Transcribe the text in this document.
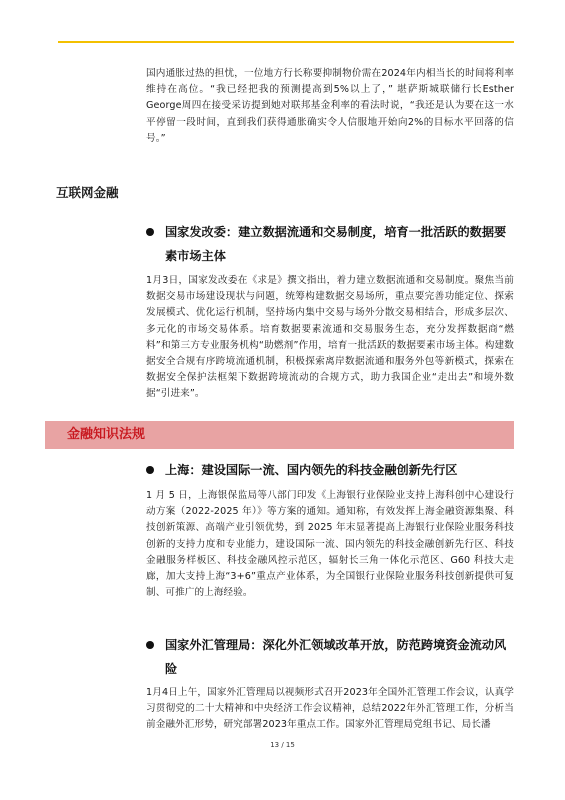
国内通胀过热的担忧，一位地方行长称要抑制物价需在2024年内相当长的时间将利率维持在高位。“我已经把我的预测提高到5%以上了，” 堪萨斯城联储行长Esther George周四在接受采访提到她对联邦基金利率的看法时说，“我还是认为要在这一水平停留一段时间，直到我们获得通胀确实令人信服地开始向2%的目标水平回落的信号。”

互联网金融
国家发改委：建立数据流通和交易制度，培育一批活跃的数据要素市场主体

1月3日，国家发改委在《求是》撰文指出，着力建立数据流通和交易制度。聚焦当前数据交易市场建设现状与问题，统筹构建数据交易场所，重点要完善功能定位、探索发展模式、优化运行机制，坚持场内集中交易与场外分散交易相结合，形成多层次、多元化的市场交易体系。培育数据要素流通和交易服务生态，充分发挥数据商“燃料”和第三方专业服务机构“助燃剂”作用，培育一批活跃的数据要素市场主体。构建数据安全合规有序跨境流通机制，积极探索离岸数据流通和服务外包等新模式，探索在数据安全保护法框架下数据跨境流动的合规方式，助力我国企业“走出去”和境外数据“引进来”。

金融知识法规
上海：建设国际一流、国内领先的科技金融创新先行区

1 月 5 日，上海银保监局等八部门印发《上海银行业保险业支持上海科创中心建设行动方案（2022-2025 年）》等方案的通知。通知称，有效发挥上海金融资源集聚、科技创新策源、高端产业引领优势，到 2025 年末显著提高上海银行业保险业服务科技创新的支持力度和专业能力，建设国际一流、国内领先的科技金融创新先行区、科技金融服务样板区、科技金融风控示范区，辐射长三角一体化示范区、G60 科技大走廊，加大支持上海“3+6”重点产业体系，为全国银行业保险业服务科技创新提供可复制、可推广的上海经验。

国家外汇管理局：深化外汇领域改革开放，防范跨境资金流动风险

1月4日上午，国家外汇管理局以视频形式召开2023年全国外汇管理工作会议，认真学习贯彻党的二十大精神和中央经济工作会议精神，总结2022年外汇管理工作，分析当前金融外汇形势，研究部署2023年重点工作。国家外汇管理局党组书记、局长潘

13 / 15
